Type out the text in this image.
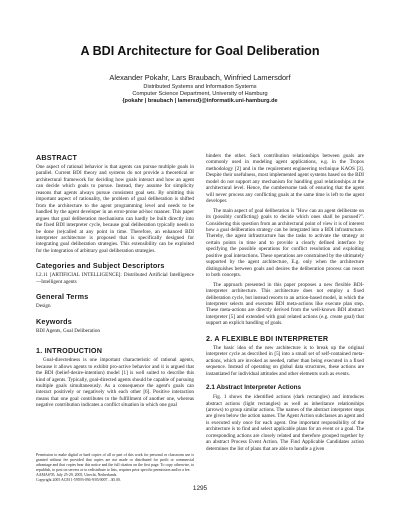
A BDI Architecture for Goal Deliberation
Alexander Pokahr, Lars Braubach, Winfried Lamersdorf
Distributed Systems and Information Systems
Computer Science Department, University of Hamburg
{pokahr | braubach | lamersd}@informatik.uni-hamburg.de
ABSTRACT
One aspect of rational behavior is that agents can pursue multiple goals in parallel. Current BDI theory and systems do not provide a theoretical or architectural framework for deciding how goals interact and how an agent can decide which goals to pursue. Instead, they assume for simplicity reasons that agents always pursue consistent goal sets. By omitting this important aspect of rationality, the problem of goal deliberation is shifted from the architecture to the agent programming level and needs to be handled by the agent developer in an error-prone ad-hoc manner. This paper argues that goal deliberation mechanisms can hardly be built directly into the fixed BDI interpreter cycle, because goal deliberation typically needs to be done (re)called at any point in time. Therefore, an enhanced BDI interpreter architecture is proposed that is specifically designed for integrating goal deliberation strategies. This extensibility can be exploited for the integration of arbitrary goal deliberation strategies.
Categories and Subject Descriptors
I.2.11 [ARTIFICIAL INTELLIGENCE]: Distributed Artificial Intelligence—Intelligent agents
General Terms
Design
Keywords
BDI Agents, Goal Deliberation
1. INTRODUCTION
Goal-directedness is one important characteristic of rational agents, because it allows agents to exhibit pro-active behavior and it is argued that the BDI (belief-desire-intention) model [1] is well suited to describe this kind of agents. Typically, goal-directed agents should be capable of pursuing multiple goals simultaneously. As a consequence the agent's goals can interact positively or negatively with each other [6]. Positive interaction means that one goal contributes to the fulfillment of another one, whereas negative contribution indicates a conflict situation in which one goal
hinders the other. Such contribution relationships between goals are commonly used in modeling agent applications, e.g. in the Tropos methodology [2] and in the requirement engineering technique KAOS [3]. Despite their usefulness, most implemented agent systems based on the BDI model do not support any mechanism for handling goal relationships at the architectural level. Hence, the cumbersome task of ensuring that the agent will never process any conflicting goals at the same time is left to the agent developer.
The main aspect of goal deliberation is "How can an agent deliberate on its (possibly conflicting) goals to decide which ones shall be pursued?". Considering this question from an architectural point of view it is of interest how a goal deliberation strategy can be integrated into a BDI infrastructure. Thereby, the agent infrastructure has the tasks to activate the strategy at certain points in time and to provide a clearly defined interface by specifying the possible operations for conflict resolution and exploiting positive goal interactions. These operations are constrained by the ultimately supported by the agent architecture, E.g. only when the architecture distinguishes between goals and desires the deliberation process can resort to both concepts.
The approach presented in this paper proposes a new flexible BDI-interpreter architecture. This architecture does not employ a fixed deliberation cycle, but instead resorts to an action-based model, in which the interpreter selects and executes BDI meta-actions like execute plan step. These meta-actions are directly derived from the well-known BDI abstract interpreter [5] and extended with goal related actions (e.g. create goal) that support an explicit handling of goals.
2. A FLEXIBLE BDI INTERPRETER
The basic idea of the new architecture is to break up the original interpreter cycle as described in [5] into a small set of self-contained meta-actions, which are invoked as needed, rather than being executed in a fixed sequence. Instead of operating on global data structures, these actions are instantiated for individual attitudes and other elements such as events.
2.1 Abstract Interpreter Actions
Fig. 1 shows the identified actions (dark rectangles) and introduces abstract actions (light rectangles) as well as inheritance relationships (arrows) to group similar actions. The names of the abstract interpreter steps are given below the action names. The Agent Action subclasses an agent and is executed only once for each agent. One important responsibility of the architecture is to find and select applicable plans for an event or a goal. The corresponding actions are closely related and therefore grouped together by an abstract Process Event Action. The Find Applicable Candidates action determines the list of plans that are able to handle a given
Permission to make digital or hard copies of all or part of this work for personal or classroom use is granted without fee provided that copies are not made or distributed for profit or commercial advantage and that copies bear this notice and the full citation on the first page. To copy otherwise, to republish, to post on servers or to redistribute to lists, requires prior specific permission and/or a fee.
AAMAS'05, July 25-29, 2005, Utrecht, Netherlands.
Copyright 2005 ACM 1-59593-094-9/05/0007 ...$5.00.
1295
